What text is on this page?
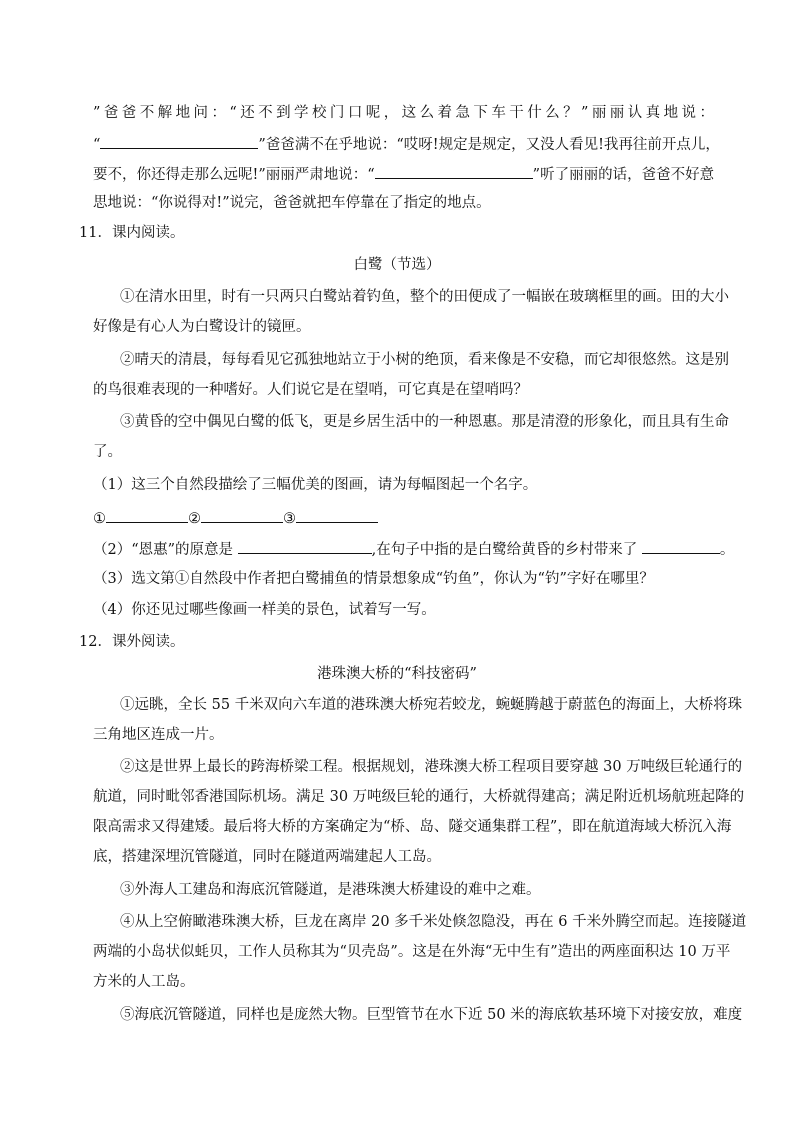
”爸爸不解地问：“还不到学校门口呢，这么着急下车干什么？”丽丽认真地说：
“	”爸爸满不在乎地说：“哎呀!规定是规定，又没人看见!我再往前开点儿，
要不，你还得走那么远呢!”丽丽严肃地说：“	”听了丽丽的话，爸爸不好意
思地说：“你说得对!”说完，爸爸就把车停靠在了指定的地点。
11．课内阅读。
白鹭（节选）
①在清水田里，时有一只两只白鹭站着钓鱼，整个的田便成了一幅嵌在玻璃框里的画。田的大小
好像是有心人为白鹭设计的镜匣。
②晴天的清晨，每每看见它孤独地站立于小树的绝顶，看来像是不安稳，而它却很悠然。这是别
的鸟很难表现的一种嗜好。人们说它是在望哨，可它真是在望哨吗？
③黄昏的空中偶见白鹭的低飞，更是乡居生活中的一种恩惠。那是清澄的形象化，而且具有生命
了。
（1）这三个自然段描绘了三幅优美的图画，请为每幅图起一个名字。
①	②	③
（2）“恩惠”的原意是	,在句子中指的是白鹭给黄昏的乡村带来了	。
（3）选文第①自然段中作者把白鹭捕鱼的情景想象成“钓鱼”，你认为“钓”字好在哪里？
（4）你还见过哪些像画一样美的景色，试着写一写。
12．课外阅读。
港珠澳大桥的“科技密码”
①远眺，全长 55 千米双向六车道的港珠澳大桥宛若蛟龙，蜿蜒腾越于蔚蓝色的海面上，大桥将珠
三角地区连成一片。
②这是世界上最长的跨海桥梁工程。根据规划，港珠澳大桥工程项目要穿越 30 万吨级巨轮通行的
航道，同时毗邻香港国际机场。满足 30 万吨级巨轮的通行，大桥就得建高；满足附近机场航班起降的
限高需求又得建矮。最后将大桥的方案确定为“桥、岛、隧交通集群工程”，即在航道海域大桥沉入海
底，搭建深埋沉管隧道，同时在隧道两端建起人工岛。
③外海人工建岛和海底沉管隧道，是港珠澳大桥建设的难中之难。
④从上空俯瞰港珠澳大桥，巨龙在离岸 20 多千米处倏忽隐没，再在 6 千米外腾空而起。连接隧道
两端的小岛状似蚝贝，工作人员称其为“贝壳岛”。这是在外海“无中生有”造出的两座面积达 10 万平
方米的人工岛。
⑤海底沉管隧道，同样也是庞然大物。巨型管节在水下近 50 米的海底软基环境下对接安放，难度
